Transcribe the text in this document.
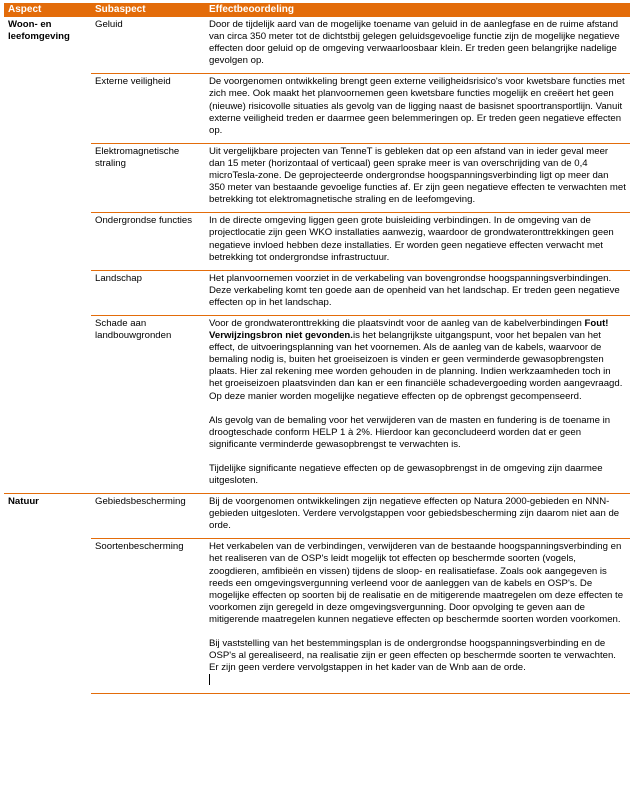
Aspect	Subaspect	Effectbeoordeling
Woon- en leefomgeving	Geluid	Door de tijdelijk aard van de mogelijke toename van geluid in de aanlegfase en de ruime afstand van circa 350 meter tot de dichtstbij gelegen geluidsgevoelige functie zijn de mogelijke negatieve effecten door geluid op de omgeving verwaarloosbaar klein. Er treden geen belangrijke nadelige gevolgen op.

	Externe veiligheid	De voorgenomen ontwikkeling brengt geen externe veiligheidsrisico's voor kwetsbare functies met zich mee. Ook maakt het planvoornemen geen kwetsbare functies mogelijk en creëert het geen (nieuwe) risicovolle situaties als gevolg van de ligging naast de basisnet spoortransportlijn. Vanuit externe veiligheid treden er daarmee geen belemmeringen op. Er treden geen negatieve effecten op.

	Elektromagnetische straling	Uit vergelijkbare projecten van TenneT is gebleken dat op een afstand van in ieder geval meer dan 15 meter (horizontaal of verticaal) geen sprake meer is van overschrijding van de 0,4 microTesla-zone. De geprojecteerde ondergrondse hoogspanningsverbinding ligt op meer dan 350 meter van bestaande gevoelige functies af. Er zijn geen negatieve effecten te verwachten met betrekking tot elektromagnetische straling en de leefomgeving.

	Ondergrondse functies	In de directe omgeving liggen geen grote buisleiding verbindingen. In de omgeving van de projectlocatie zijn geen WKO installaties aanwezig, waardoor de grondwateronttrekkingen geen negatieve invloed hebben deze installaties. Er worden geen negatieve effecten verwacht met betrekking tot ondergrondse infrastructuur.

	Landschap	Het planvoornemen voorziet in de verkabeling van bovengrondse hoogspanningsverbindingen. Deze verkabeling komt ten goede aan de openheid van het landschap. Er treden geen negatieve effecten op in het landschap.

	Schade aan landbouwgronden	Voor de grondwateronttrekking die plaatsvindt voor de aanleg van de kabelverbindingen Fout! Verwijzingsbron niet gevonden.is het belangrijkste uitgangspunt, voor het bepalen van het effect, de uitvoeringsplanning van het voornemen. Als de aanleg van de kabels, waarvoor de bemaling nodig is, buiten het groeiseizoen is vinden er geen verminderde gewasopbrengsten plaats. Hier zal rekening mee worden gehouden in de planning. Indien werkzaamheden toch in het groeiseizoen plaatsvinden dan kan er een financiële schadevergoeding worden aangevraagd. Op deze manier worden mogelijke negatieve effecten op de opbrengst gecompenseerd.

Als gevolg van de bemaling voor het verwijderen van de masten en fundering is de toename in droogteschade conform HELP 1 à 2%. Hierdoor kan geconcludeerd worden dat er geen significante verminderde gewasopbrengst te verwachten is.

Tijdelijke significante negatieve effecten op de gewasopbrengst in de omgeving zijn daarmee uitgesloten.

Natuur	Gebiedsbescherming	Bij de voorgenomen ontwikkelingen zijn negatieve effecten op Natura 2000-gebieden en NNN-gebieden uitgesloten. Verdere vervolgstappen voor gebiedsbescherming zijn daarom niet aan de orde.

	Soortenbescherming	Het verkabelen van de verbindingen, verwijderen van de bestaande hoogspanningsverbinding en het realiseren van de OSP's leidt mogelijk tot effecten op beschermde soorten (vogels, zoogdieren, amfibieën en vissen) tijdens de sloop- en realisatiefase. Zoals ook aangegeven is reeds een omgevingsvergunning verleend voor de aanleggen van de kabels en OSP's. De mogelijke effecten op soorten bij de realisatie en de mitigerende maatregelen om deze effecten te voorkomen zijn geregeld in deze omgevingsvergunning. Door opvolging te geven aan de mitigerende maatregelen kunnen negatieve effecten op beschermde soorten worden voorkomen.

Bij vaststelling van het bestemmingsplan is de ondergrondse hoogspanningsverbinding en de OSP's al gerealiseerd, na realisatie zijn er geen effecten op beschermde soorten te verwachten. Er zijn geen verdere vervolgstappen in het kader van de Wnb aan de orde.
